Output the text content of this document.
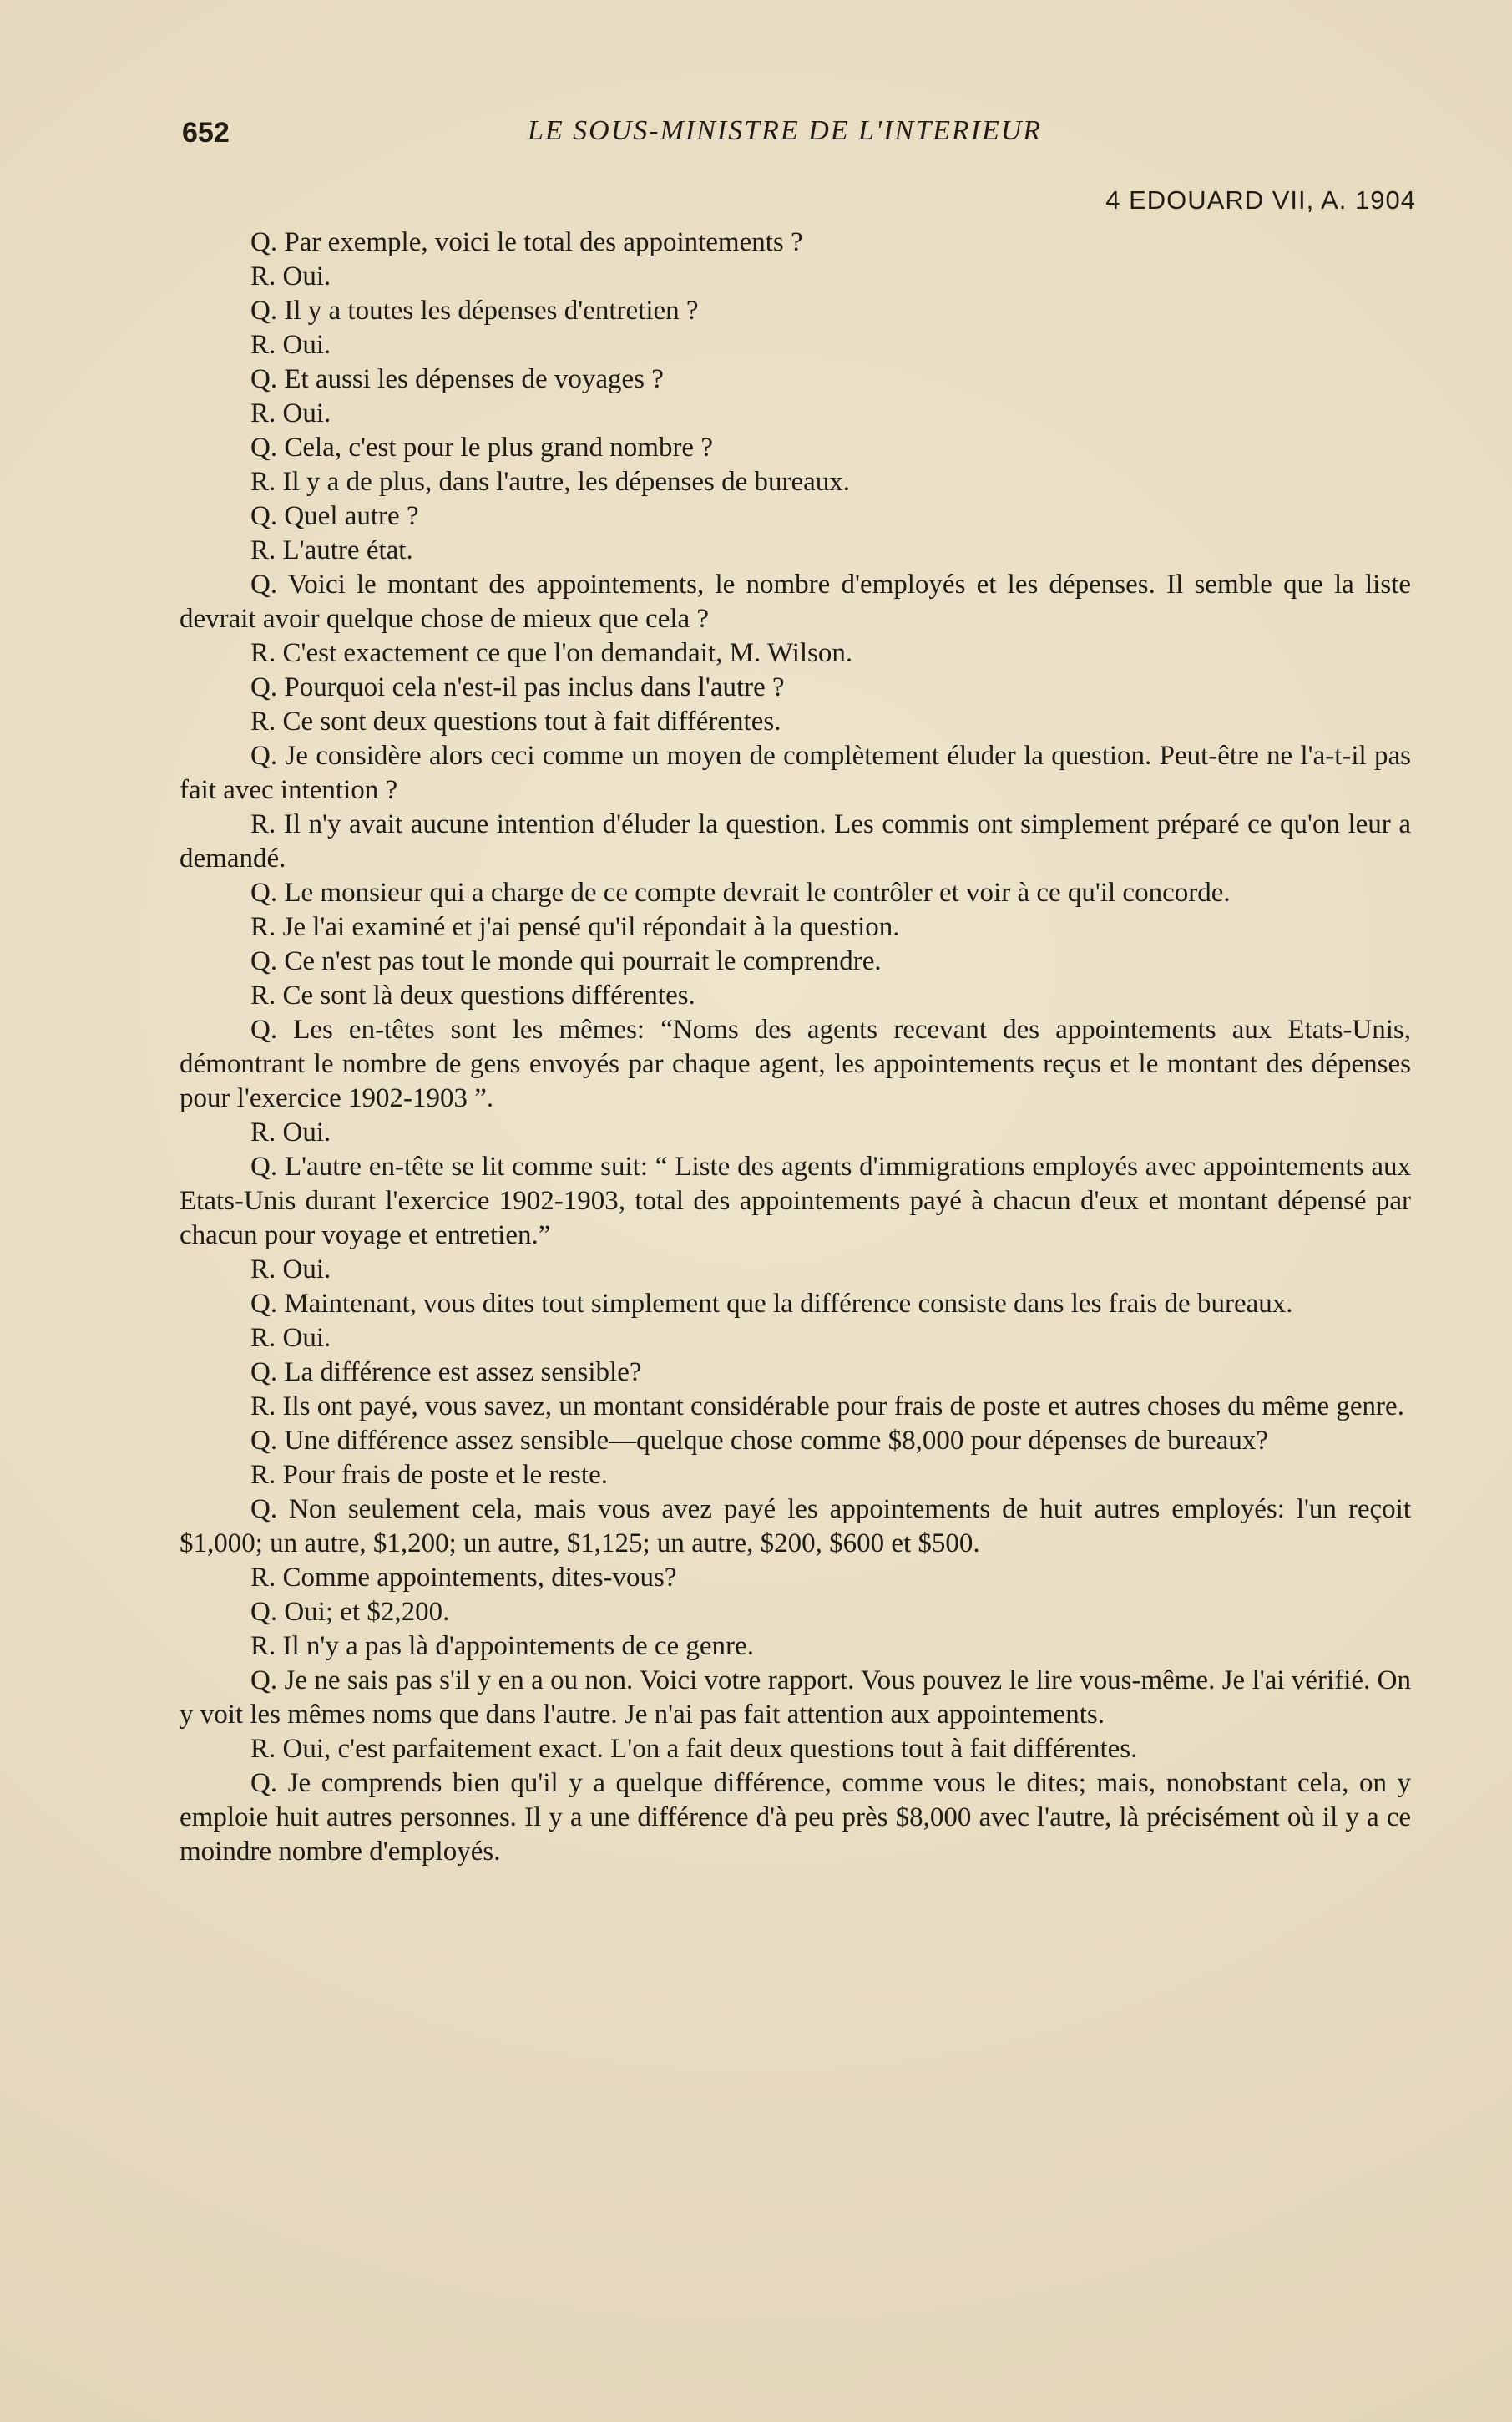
652	LE SOUS-MINISTRE DE L'INTERIEUR
4 EDOUARD VII, A. 1904

Q. Par exemple, voici le total des appointements ?

R. Oui.

Q. Il y a toutes les dépenses d'entretien ?

R. Oui.

Q. Et aussi les dépenses de voyages ?

R. Oui.

Q. Cela, c'est pour le plus grand nombre ?

R. Il y a de plus, dans l'autre, les dépenses de bureaux.

Q. Quel autre ?

R. L'autre état.

Q. Voici le montant des appointements, le nombre d'employés et les dépenses. Il semble que la liste devrait avoir quelque chose de mieux que cela ?

R. C'est exactement ce que l'on demandait, M. Wilson.

Q. Pourquoi cela n'est-il pas inclus dans l'autre ?

R. Ce sont deux questions tout à fait différentes.

Q. Je considère alors ceci comme un moyen de complètement éluder la question. Peut-être ne l'a-t-il pas fait avec intention ?

R. Il n'y avait aucune intention d'éluder la question. Les commis ont simplement préparé ce qu'on leur a demandé.

Q. Le monsieur qui a charge de ce compte devrait le contrôler et voir à ce qu'il concorde.

R. Je l'ai examiné et j'ai pensé qu'il répondait à la question.

Q. Ce n'est pas tout le monde qui pourrait le comprendre.

R. Ce sont là deux questions différentes.

Q. Les en-têtes sont les mêmes: “Noms des agents recevant des appointements aux Etats-Unis, démontrant le nombre de gens envoyés par chaque agent, les appointements reçus et le montant des dépenses pour l'exercice 1902-1903 ”.

R. Oui.

Q. L'autre en-tête se lit comme suit: “ Liste des agents d'immigrations employés avec appointements aux Etats-Unis durant l'exercice 1902-1903, total des appointements payé à chacun d'eux et montant dépensé par chacun pour voyage et entretien.”

R. Oui.

Q. Maintenant, vous dites tout simplement que la différence consiste dans les frais de bureaux.

R. Oui.

Q. La différence est assez sensible?

R. Ils ont payé, vous savez, un montant considérable pour frais de poste et autres choses du même genre.

Q. Une différence assez sensible—quelque chose comme $8,000 pour dépenses de bureaux?

R. Pour frais de poste et le reste.

Q. Non seulement cela, mais vous avez payé les appointements de huit autres employés: l'un reçoit $1,000; un autre, $1,200; un autre, $1,125; un autre, $200, $600 et $500.

R. Comme appointements, dites-vous?

Q. Oui; et $2,200.

R. Il n'y a pas là d'appointements de ce genre.

Q. Je ne sais pas s'il y en a ou non. Voici votre rapport. Vous pouvez le lire vous-même. Je l'ai vérifié. On y voit les mêmes noms que dans l'autre. Je n'ai pas fait attention aux appointements.

R. Oui, c'est parfaitement exact. L'on a fait deux questions tout à fait différentes.

Q. Je comprends bien qu'il y a quelque différence, comme vous le dites; mais, nonobstant cela, on y emploie huit autres personnes. Il y a une différence d'à peu près $8,000 avec l'autre, là précisément où il y a ce moindre nombre d'employés.
